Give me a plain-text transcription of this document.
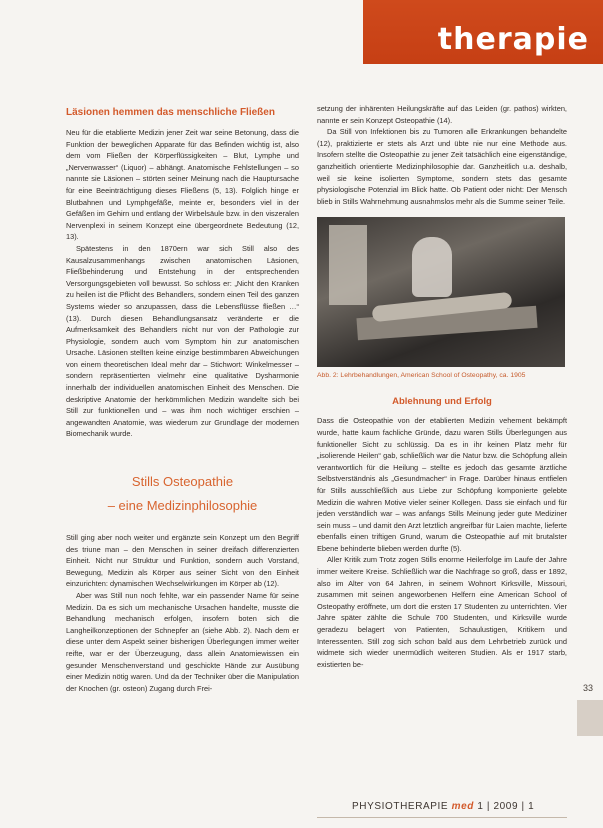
therapie
Läsionen hemmen das menschliche Fließen

Neu für die etablierte Medizin jener Zeit war seine Betonung, dass die Funktion der beweglichen Apparate für das Befinden wichtig ist, also dem vom Fließen der Körperflüssigkeiten – Blut, Lymphe und „Nervenwasser“ (Liquor) – abhängt. Anatomische Fehlstellungen – so nannte sie Läsionen – störten seiner Meinung nach die Hauptursache für eine Beeinträchtigung dieses Fließens (5, 13). Folglich hinge er Blutbahnen und Lymphgefäße, meinte er, besonders viel in der Gefäßen im Gehirn und entlang der Wirbelsäule bzw. in den viszeralen Nervenplexi in seinem Konzept eine übergeordnete Bedeutung (12, 13).

Spätestens in den 1870ern war sich Still also des Kausalzusammenhangs zwischen anatomischen Läsionen, Fließbehinderung und Entstehung in der entsprechenden Versorgungsgebieten voll bewusst. So schloss er: „Nicht den Kranken zu heilen ist die Pflicht des Behandlers, sondern einen Teil des ganzen Systems wieder so anzupassen, dass die Lebensflüsse fließen …“ (13). Durch diesen Behandlungsansatz veränderte er die Aufmerksamkeit des Behandlers nicht nur von der Pathologie zur Physiologie, sondern auch vom Symptom hin zur anatomischen Ursache. Läsionen stellten keine einzige bestimmbaren Abweichungen von einem theoretischen Ideal mehr dar – Stichwort: Winkelmesser – sondern repräsentierten vielmehr eine qualitative Dysharmonie innerhalb der individuellen anatomischen Einheit des Menschen. Die deskriptive Anatomie der herkömmlichen Medizin wandelte sich bei Still zur funktionellen und – was ihm noch wichtiger erschien – angewandten Anatomie, was wiederum zur Grundlage der modernen Biomechanik wurde.

Stills Osteopathie
– eine Medizinphilosophie

Still ging aber noch weiter und ergänzte sein Konzept um den Begriff des triune man – den Menschen in seiner dreifach differenzierten Einheit. Nicht nur Struktur und Funktion, sondern auch Vorstand, Bewegung, Medizin als Körper aus seiner Sicht von den Einheit einzurichten: dynamischen Wechselwirkungen im Körper ab (12).

Aber was Still nun noch fehlte, war ein passender Name für seine Medizin. Da es sich um mechanische Ursachen handelte, musste die Behandlung mechanisch erfolgen, insofern boten sich die Langheilkonzeptionen der Schnepfer an (siehe Abb. 2). Nach dem er diese unter dem Aspekt seiner bisherigen Überlegungen immer weiter reifte, war er der Überzeugung, dass allein Anatomiewissen ein gesunder Menschenverstand und geschickte Hände zur Ausübung einer Medizin nötig waren. Und da der Techniker über die Manipulation der Knochen (gr. osteon) Zugang durch Frei-

setzung der inhärenten Heilungskräfte auf das Leiden (gr. pathos) wirkten, nannte er sein Konzept Osteopathie (14).

Da Still von Infektionen bis zu Tumoren alle Erkrankungen behandelte (12), praktizierte er stets als Arzt und übte nie nur eine Methode aus. Insofern stellte die Osteopathie zu jener Zeit tatsächlich eine eigenständige, ganzheitlich orientierte Medizinphilosophie dar. Ganzheitlich u.a. deshalb, weil sie keine isolierten Symptome, sondern stets das gesamte physiologische Potenzial im Blick hatte. Ob Patient oder nicht: Der Mensch blieb in Stills Wahrnehmung ausnahmslos mehr als die Summe seiner Teile.

Abb. 2: Lehrbehandlungen, American School of Osteopathy, ca. 1905

Ablehnung und Erfolg

Dass die Osteopathie von der etablierten Medizin vehement bekämpft wurde, hatte kaum fachliche Gründe, dazu waren Stills Überlegungen aus funktioneller Sicht zu schlüssig. Da es in ihr keinen Platz mehr für „isolierende Heilen“ gab, schließlich war die Natur bzw. die Schöpfung allein verantwortlich für die Heilung – stellte es jedoch das gesamte ärztliche Selbstverständnis als „Gesundmacher“ in Frage. Darüber hinaus entfielen für Stills ausschließlich aus Liebe zur Schöpfung komponierte gelebte Medizin die wahren Motive vieler seiner Kollegen. Dass sie einfach und für jeden verständlich war – was anfangs Stills Meinung jeder gute Mediziner sein muss – und damit den Arzt letztlich angreifbar für Laien machte, lieferte ebenfalls einen triftigen Grund, warum die Osteopathie auf mit brutalster Ebene behinderte blieben werden durfte (5).

Aller Kritik zum Trotz zogen Stills enorme Heilerfolge im Laufe der Jahre immer weitere Kreise. Schließlich war die Nachfrage so groß, dass er 1892, also im Alter von 64 Jahren, in seinem Wohnort Kirksville, Missouri, zusammen mit seinen angeworbenen Helfern eine American School of Osteopathy eröffnete, um dort die ersten 17 Studenten zu unterrichten. Vier Jahre später zählte die Schule 700 Studenten, und Kirksville wurde geradezu belagert von Patienten, Schaulustigen, Kritikern und Interessenten. Still zog sich schon bald aus dem Lehrbetrieb zurück und widmete sich wieder unermüdlich weiteren Studien. Als er 1917 starb, existierten be-

33
PHYSIOTHERAPIE med 1 | 2009 | 1
